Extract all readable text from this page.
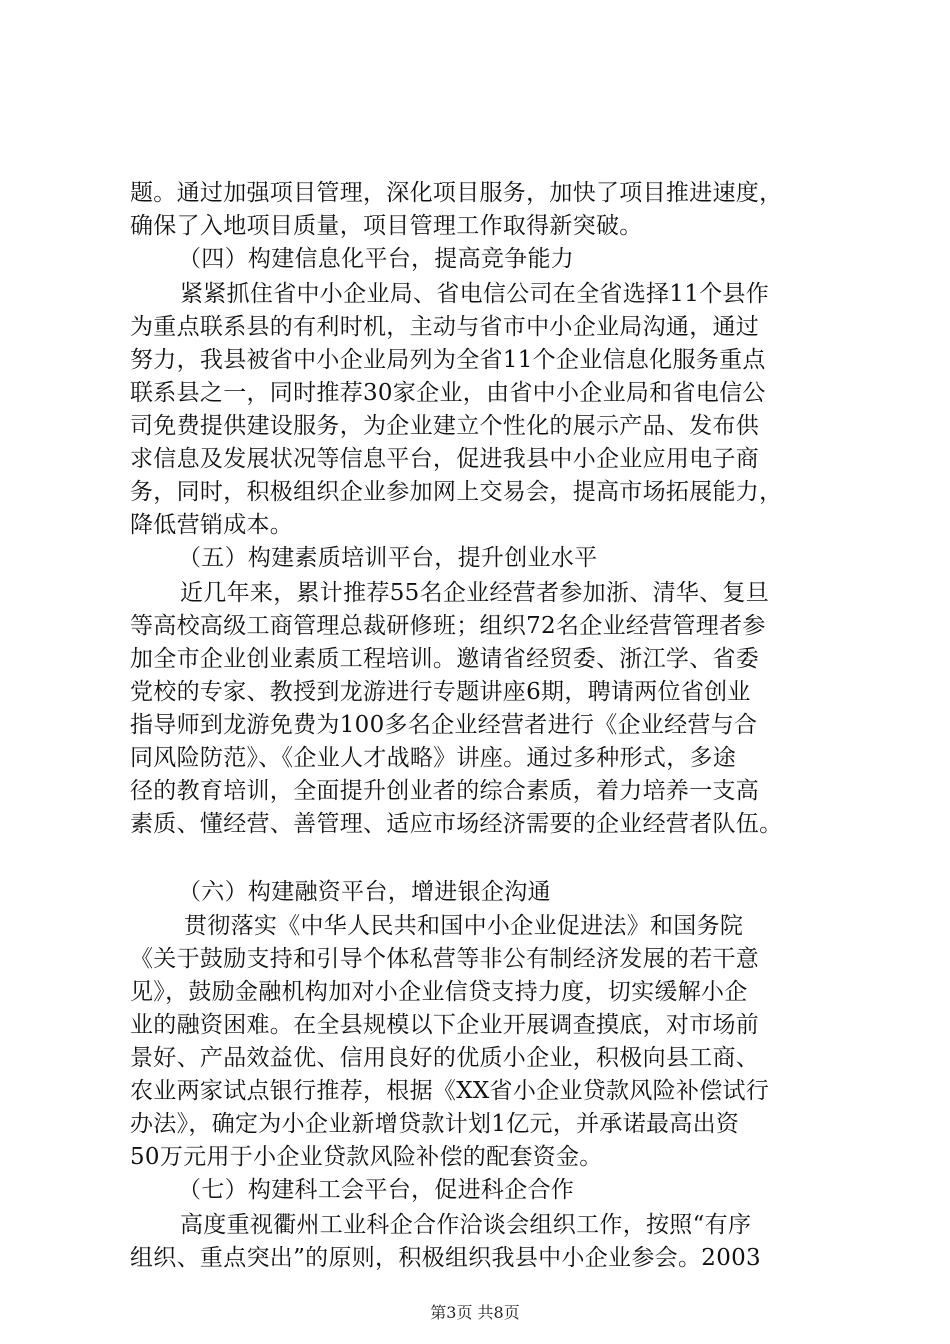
题。通过加强项目管理，深化项目服务，加快了项目推进速度，
确保了入地项目质量，项目管理工作取得新突破。
（四）构建信息化平台，提高竞争能力
紧紧抓住省中小企业局、省电信公司在全省选择11个县作
为重点联系县的有利时机，主动与省市中小企业局沟通，通过
努力，我县被省中小企业局列为全省11个企业信息化服务重点
联系县之一，同时推荐30家企业，由省中小企业局和省电信公
司免费提供建设服务，为企业建立个性化的展示产品、发布供
求信息及发展状况等信息平台，促进我县中小企业应用电子商
务，同时，积极组织企业参加网上交易会，提高市场拓展能力，
降低营销成本。
（五）构建素质培训平台，提升创业水平
近几年来，累计推荐55名企业经营者参加浙、清华、复旦
等高校高级工商管理总裁研修班；组织72名企业经营管理者参
加全市企业创业素质工程培训。邀请省经贸委、浙江学、省委
党校的专家、教授到龙游进行专题讲座6期，聘请两位省创业
指导师到龙游免费为100多名企业经营者进行《企业经营与合
同风险防范》、《企业人才战略》讲座。通过多种形式，多途
径的教育培训，全面提升创业者的综合素质，着力培养一支高
素质、懂经营、善管理、适应市场经济需要的企业经营者队伍。
（六）构建融资平台，增进银企沟通
贯彻落实《中华人民共和国中小企业促进法》和国务院
《关于鼓励支持和引导个体私营等非公有制经济发展的若干意
见》，鼓励金融机构加对小企业信贷支持力度，切实缓解小企
业的融资困难。在全县规模以下企业开展调查摸底，对市场前
景好、产品效益优、信用良好的优质小企业，积极向县工商、
农业两家试点银行推荐，根据《XX省小企业贷款风险补偿试行
办法》，确定为小企业新增贷款计划1亿元，并承诺最高出资
50万元用于小企业贷款风险补偿的配套资金。
（七）构建科工会平台，促进科企合作
高度重视衢州工业科企合作洽谈会组织工作，按照“有序
组织、重点突出”的原则，积极组织我县中小企业参会。2003
第3页 共8页
